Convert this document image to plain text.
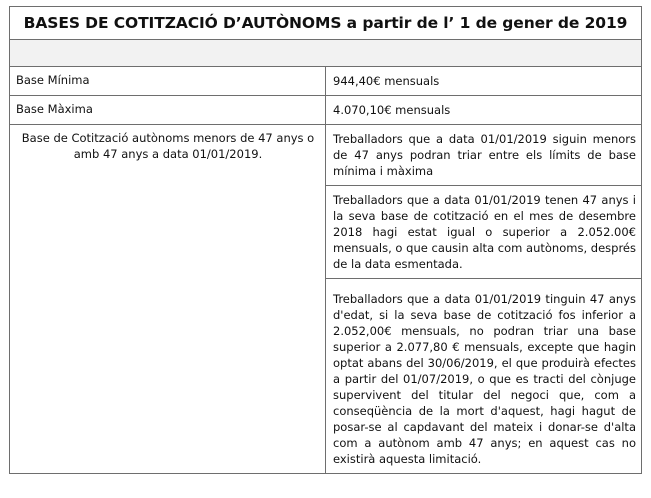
BASES DE COTITZACIÓ D’AUTÒNOMS a partir de l’ 1 de gener de 2019	

Base Mínima	944,40€ mensuals
Base Màxima	4.070,10€ mensuals
Base de Cotització autònoms menors de 47 anys o amb 47 anys a data 01/01/2019.	Treballadors que a data 01/01/2019 siguin menors de 47 anys podran triar entre els límits de base mínima i màxima
	Treballadors que a data 01/01/2019 tenen 47 anys i la seva base de cotització en el mes de desembre 2018 hagi estat igual o superior a 2.052.00€ mensuals, o que causin alta com autònoms, després de la data esmentada.
	Treballadors que a data 01/01/2019 tinguin 47 anys d'edat, si la seva base de cotització fos inferior a 2.052,00€ mensuals, no podran triar una base superior a 2.077,80 € mensuals, excepte que hagin optat abans del 30/06/2019, el que produirà efectes a partir del 01/07/2019, o que es tracti del cònjuge supervivent del titular del negoci que, com a conseqüència de la mort d'aquest, hagi hagut de posar-se al capdavant del mateix i donar-se d'alta com a autònom amb 47 anys; en aquest cas no existirà aquesta limitació.
